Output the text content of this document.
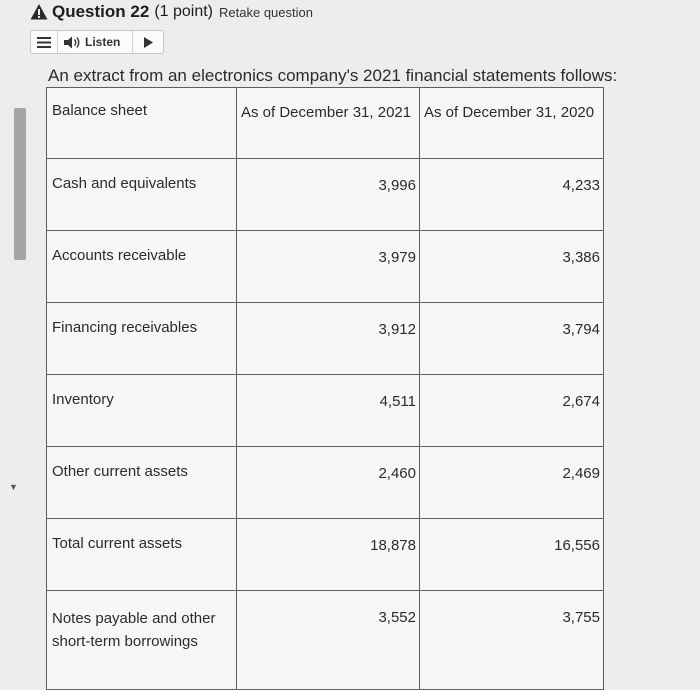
▼
Question 22 (1 point) Retake question
Listen
An extract from an electronics company's 2021 financial statements follows:
Balance sheet	As of December 31, 2021	As of December 31, 2020
Cash and equivalents	3,996	4,233
Accounts receivable	3,979	3,386
Financing receivables	3,912	3,794
Inventory	4,511	2,674
Other current assets	2,460	2,469
Total current assets	18,878	16,556
Notes payable and other short-term borrowings	3,552	3,755
